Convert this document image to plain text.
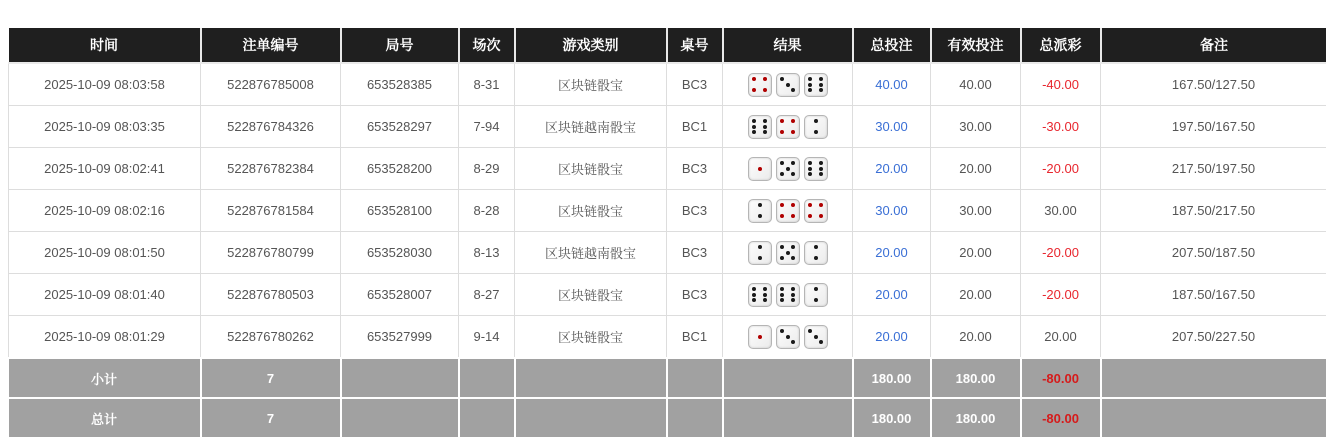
时间	注单编号	局号	场次	游戏类别	桌号	结果	总投注	有效投注	总派彩	备注
2025-10-09 08:03:58	522876785008	653528385	8-31	区块链骰宝	BC3		40.00	40.00	-40.00	167.50/127.50
2025-10-09 08:03:35	522876784326	653528297	7-94	区块链越南骰宝	BC1		30.00	30.00	-30.00	197.50/167.50
2025-10-09 08:02:41	522876782384	653528200	8-29	区块链骰宝	BC3		20.00	20.00	-20.00	217.50/197.50
2025-10-09 08:02:16	522876781584	653528100	8-28	区块链骰宝	BC3		30.00	30.00	30.00	187.50/217.50
2025-10-09 08:01:50	522876780799	653528030	8-13	区块链越南骰宝	BC3		20.00	20.00	-20.00	207.50/187.50
2025-10-09 08:01:40	522876780503	653528007	8-27	区块链骰宝	BC3		20.00	20.00	-20.00	187.50/167.50
2025-10-09 08:01:29	522876780262	653527999	9-14	区块链骰宝	BC1		20.00	20.00	20.00	207.50/227.50
小计	7						180.00	180.00	-80.00	
总计	7						180.00	180.00	-80.00	
